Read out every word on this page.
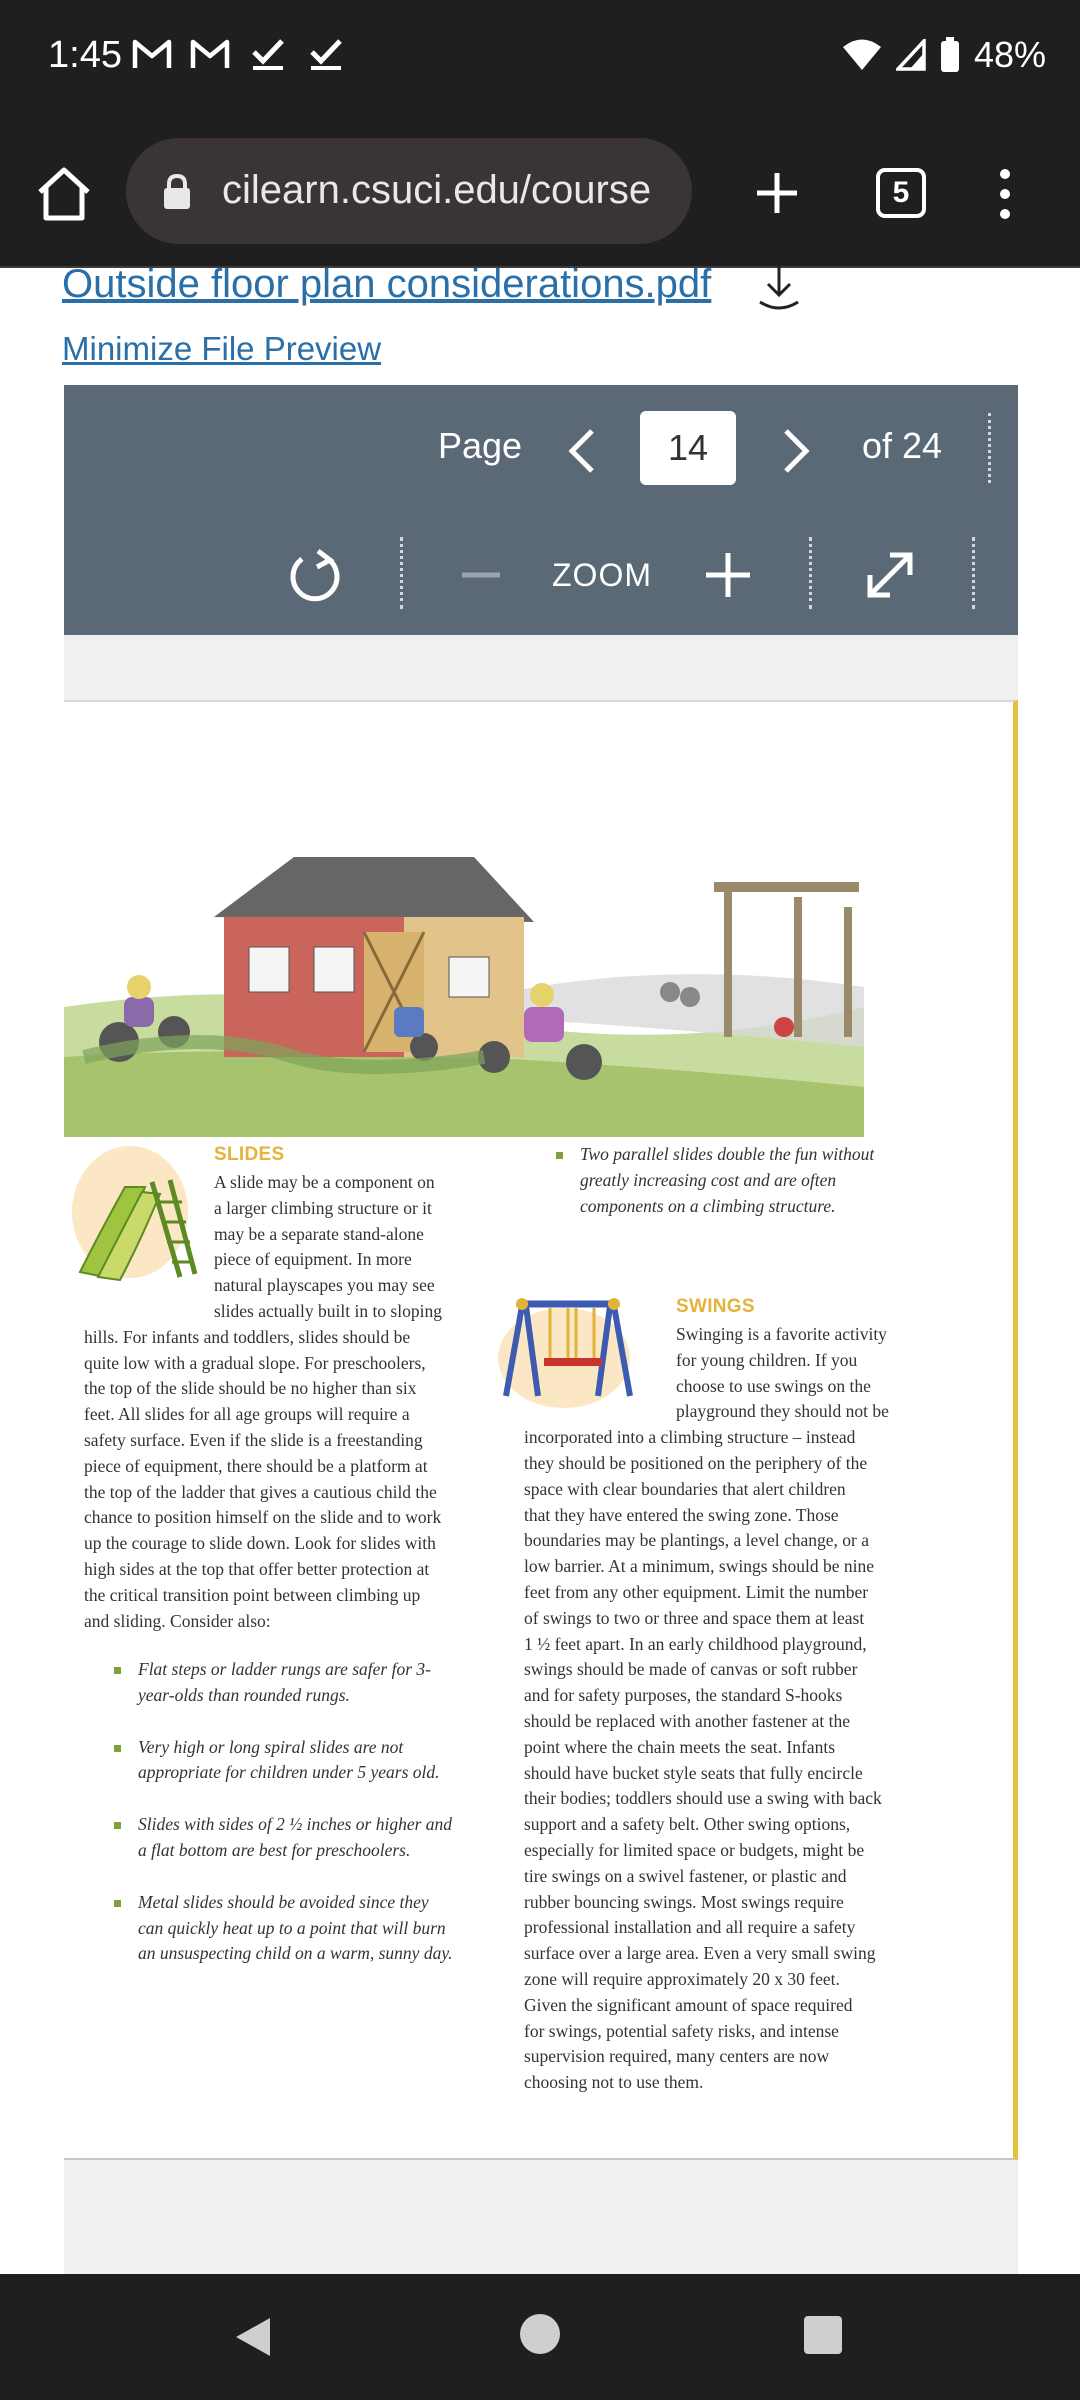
1:45	48%
cilearn.csuci.edu/course	5
Outside floor plan considerations.pdf
Minimize File Preview
Page	14	of 24
ZOOM
SLIDES
A slide may be a component on
a larger climbing structure or it
may be a separate stand-alone
piece of equipment. In more
natural playscapes you may see
slides actually built in to sloping
hills. For infants and toddlers, slides should be
quite low with a gradual slope. For preschoolers,
the top of the slide should be no higher than six
feet. All slides for all age groups will require a
safety surface. Even if the slide is a freestanding
piece of equipment, there should be a platform at
the top of the ladder that gives a cautious child the
chance to position himself on the slide and to work
up the courage to slide down. Look for slides with
high sides at the top that offer better protection at
the critical transition point between climbing up
and sliding. Consider also:
Flat steps or ladder rungs are safer for 3-year-olds than rounded rungs.
Very high or long spiral slides are not appropriate for children under 5 years old.
Slides with sides of 2 ½ inches or higher and a flat bottom are best for preschoolers.
Metal slides should be avoided since they can quickly heat up to a point that will burn an unsuspecting child on a warm, sunny day.
Two parallel slides double the fun without greatly increasing cost and are often components on a climbing structure.
SWINGS
Swinging is a favorite activity
for young children. If you
choose to use swings on the
playground they should not be
incorporated into a climbing structure – instead
they should be positioned on the periphery of the
space with clear boundaries that alert children
that they have entered the swing zone. Those
boundaries may be plantings, a level change, or a
low barrier. At a minimum, swings should be nine
feet from any other equipment. Limit the number
of swings to two or three and space them at least
1 ½ feet apart. In an early childhood playground,
swings should be made of canvas or soft rubber
and for safety purposes, the standard S-hooks
should be replaced with another fastener at the
point where the chain meets the seat. Infants
should have bucket style seats that fully encircle
their bodies; toddlers should use a swing with back
support and a safety belt. Other swing options,
especially for limited space or budgets, might be
tire swings on a swivel fastener, or plastic and
rubber bouncing swings. Most swings require
professional installation and all require a safety
surface over a large area. Even a very small swing
zone will require approximately 20 x 30 feet.
Given the significant amount of space required
for swings, potential safety risks, and intense
supervision required, many centers are now
choosing not to use them.
